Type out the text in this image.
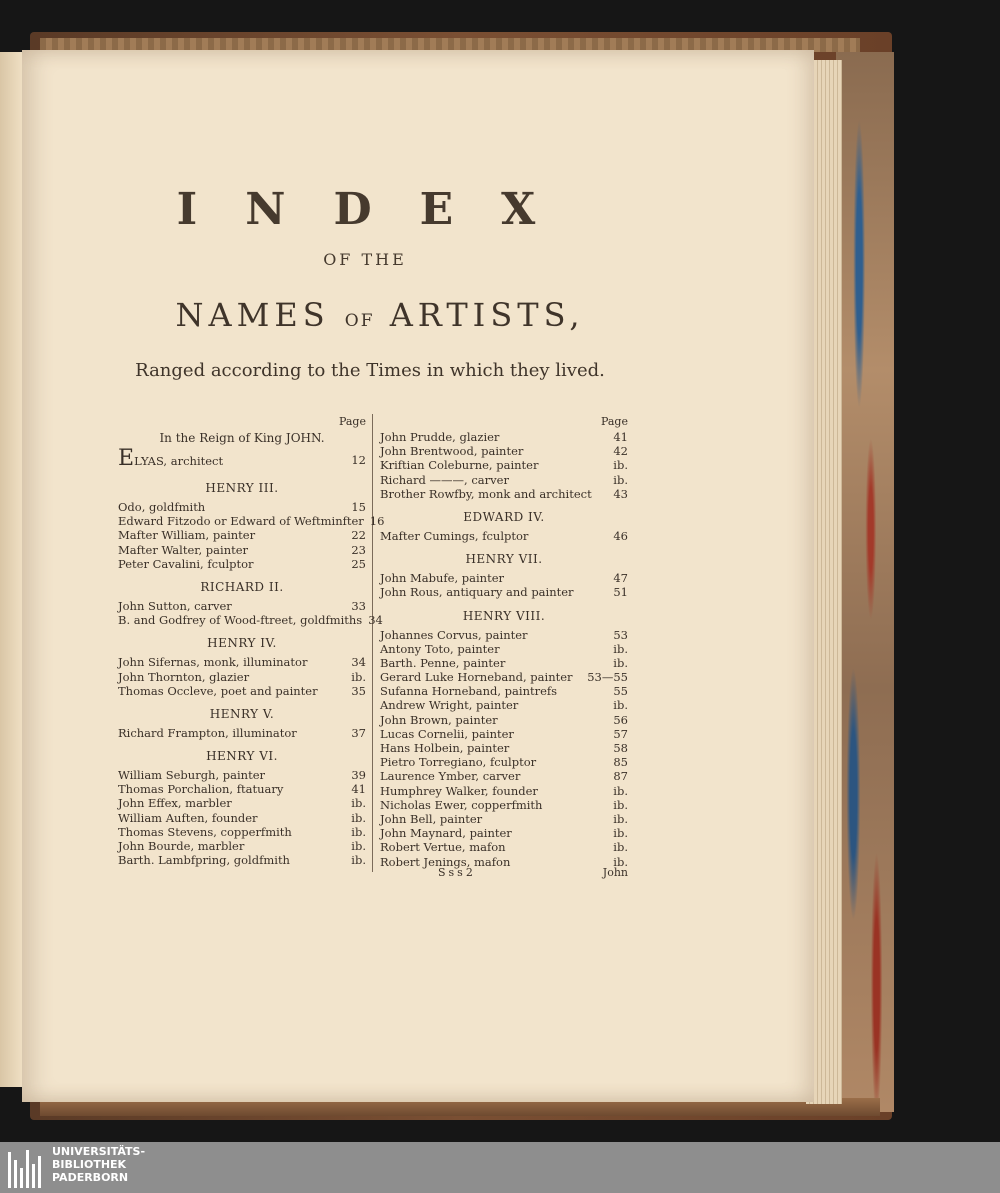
INDEX
OF THE
NAMES OF ARTISTS,
Ranged according to the Times in which they lived.
Page
In the Reign of King JOHN.
ELYAS, architect	12
HENRY III.
Odo, goldfmith	15
Edward Fitzodo or Edward of Weftminfter 16
Mafter William, painter	22
Mafter Walter, painter	23
Peter Cavalini, fculptor	25
RICHARD II.
John Sutton, carver	33
B. and Godfrey of Wood-ftreet, goldfmiths 34
HENRY IV.
John Sifernas, monk, illuminator	34
John Thornton, glazier	ib.
Thomas Occleve, poet and painter	35
HENRY V.
Richard Frampton, illuminator	37
HENRY VI.
William Seburgh, painter	39
Thomas Porchalion, ftatuary	41
John Effex, marbler	ib.
William Auften, founder	ib.
Thomas Stevens, copperfmith	ib.
John Bourde, marbler	ib.
Barth. Lambfpring, goldfmith	ib.
Page
John Prudde, glazier	41
John Brentwood, painter	42
Kriftian Coleburne, painter	ib.
Richard ———, carver	ib.
Brother Rowfby, monk and architect	43
EDWARD IV.
Mafter Cumings, fculptor	46
HENRY VII.
John Mabufe, painter	47
John Rous, antiquary and painter	51
HENRY VIII.
Johannes Corvus, painter	53
Antony Toto, painter	ib.
Barth. Penne, painter	ib.
Gerard Luke Horneband, painter	53—55
Sufanna Horneband, paintrefs	55
Andrew Wright, painter	ib.
John Brown, painter	56
Lucas Cornelii, painter	57
Hans Holbein, painter	58
Pietro Torregiano, fculptor	85
Laurence Ymber, carver	87
Humphrey Walker, founder	ib.
Nicholas Ewer, copperfmith	ib.
John Bell, painter	ib.
John Maynard, painter	ib.
Robert Vertue, mafon	ib.
Robert Jenings, mafon	ib.
Sss2	John
UNIVERSITÄTS-
BIBLIOTHEK
PADERBORN
